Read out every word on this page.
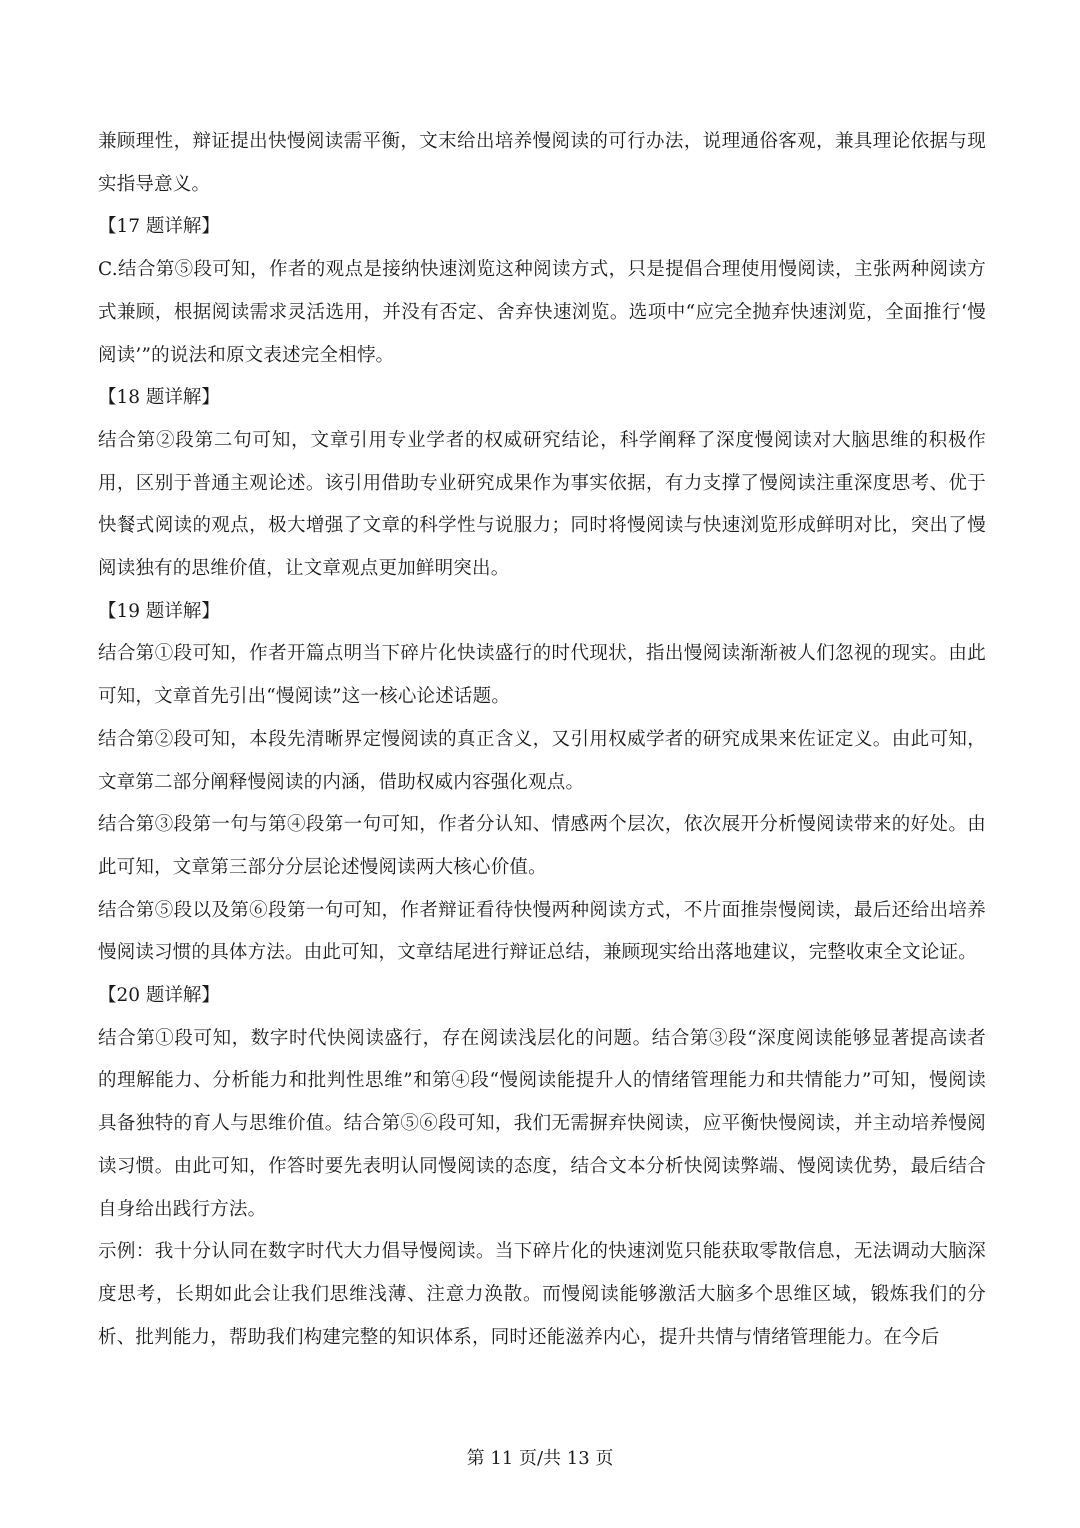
兼顾理性，辩证提出快慢阅读需平衡，文末给出培养慢阅读的可行办法，说理通俗客观，兼具理论依据与现实指导意义。

【17 题详解】

C.结合第⑤段可知，作者的观点是接纳快速浏览这种阅读方式，只是提倡合理使用慢阅读，主张两种阅读方式兼顾，根据阅读需求灵活选用，并没有否定、舍弃快速浏览。选项中“应完全抛弃快速浏览，全面推行‘慢阅读’”的说法和原文表述完全相悖。

【18 题详解】

结合第②段第二句可知，文章引用专业学者的权威研究结论，科学阐释了深度慢阅读对大脑思维的积极作用，区别于普通主观论述。该引用借助专业研究成果作为事实依据，有力支撑了慢阅读注重深度思考、优于快餐式阅读的观点，极大增强了文章的科学性与说服力；同时将慢阅读与快速浏览形成鲜明对比，突出了慢阅读独有的思维价值，让文章观点更加鲜明突出。

【19 题详解】

结合第①段可知，作者开篇点明当下碎片化快读盛行的时代现状，指出慢阅读渐渐被人们忽视的现实。由此可知，文章首先引出“慢阅读”这一核心论述话题。

结合第②段可知，本段先清晰界定慢阅读的真正含义，又引用权威学者的研究成果来佐证定义。由此可知，文章第二部分阐释慢阅读的内涵，借助权威内容强化观点。

结合第③段第一句与第④段第一句可知，作者分认知、情感两个层次，依次展开分析慢阅读带来的好处。由此可知，文章第三部分分层论述慢阅读两大核心价值。

结合第⑤段以及第⑥段第一句可知，作者辩证看待快慢两种阅读方式，不片面推崇慢阅读，最后还给出培养慢阅读习惯的具体方法。由此可知，文章结尾进行辩证总结，兼顾现实给出落地建议，完整收束全文论证。

【20 题详解】

结合第①段可知，数字时代快阅读盛行，存在阅读浅层化的问题。结合第③段“深度阅读能够显著提高读者的理解能力、分析能力和批判性思维”和第④段“慢阅读能提升人的情绪管理能力和共情能力”可知，慢阅读具备独特的育人与思维价值。结合第⑤⑥段可知，我们无需摒弃快阅读，应平衡快慢阅读，并主动培养慢阅读习惯。由此可知，作答时要先表明认同慢阅读的态度，结合文本分析快阅读弊端、慢阅读优势，最后结合自身给出践行方法。

示例：我十分认同在数字时代大力倡导慢阅读。当下碎片化的快速浏览只能获取零散信息，无法调动大脑深度思考，长期如此会让我们思维浅薄、注意力涣散。而慢阅读能够激活大脑多个思维区域，锻炼我们的分析、批判能力，帮助我们构建完整的知识体系，同时还能滋养内心，提升共情与情绪管理能力。在今后

第 11 页/共 13 页
